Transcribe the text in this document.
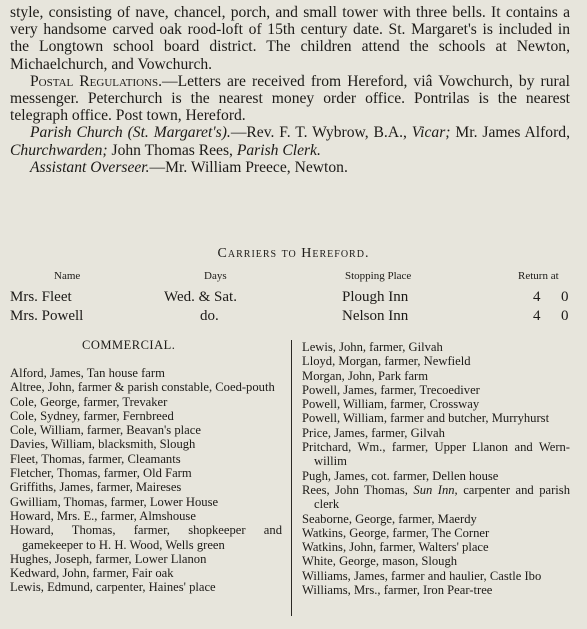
style, consisting of nave, chancel, porch, and small tower with three bells. It contains a very handsome carved oak rood-loft of 15th century date. St. Margaret's is included in the Longtown school board district. The children attend the schools at Newton, Michaelchurch, and Vowchurch.

Postal Regulations.—Letters are received from Hereford, viâ Vowchurch, by rural messenger. Peterchurch is the nearest money order office. Pontrilas is the nearest telegraph office. Post town, Hereford.

Parish Church (St. Margaret's).—Rev. F. T. Wybrow, B.A., Vicar; Mr. James Alford, Churchwarden; John Thomas Rees, Parish Clerk.

Assistant Overseer.—Mr. William Preece, Newton.

Carriers to Hereford.
Name	Days	Stopping Place	Return at
Mrs. Fleet	Wed. & Sat.	Plough Inn	4 0
Mrs. Powell	do.	Nelson Inn	4 0
COMMERCIAL.
Alford, James, Tan house farm
Altree, John, farmer & parish constable, Coed-pouth
Cole, George, farmer, Trevaker
Cole, Sydney, farmer, Fernbreed
Cole, William, farmer, Beavan's place
Davies, William, blacksmith, Slough
Fleet, Thomas, farmer, Cleamants
Fletcher, Thomas, farmer, Old Farm
Griffiths, James, farmer, Maireses
Gwilliam, Thomas, farmer, Lower House
Howard, Mrs. E., farmer, Almshouse
Howard, Thomas, farmer, shopkeeper and gamekeeper to H. H. Wood, Wells green
Hughes, Joseph, farmer, Lower Llanon
Kedward, John, farmer, Fair oak
Lewis, Edmund, carpenter, Haines' place
Lewis, John, farmer, Gilvah
Lloyd, Morgan, farmer, Newfield
Morgan, John, Park farm
Powell, James, farmer, Trecoediver
Powell, William, farmer, Crossway
Powell, William, farmer and butcher, Murryhurst
Price, James, farmer, Gilvah
Pritchard, Wm., farmer, Upper Llanon and Wern-willim
Pugh, James, cot. farmer, Dellen house
Rees, John Thomas, Sun Inn, carpenter and parish clerk
Seaborne, George, farmer, Maerdy
Watkins, George, farmer, The Corner
Watkins, John, farmer, Walters' place
White, George, mason, Slough
Williams, James, farmer and haulier, Castle Ibo
Williams, Mrs., farmer, Iron Pear-tree
